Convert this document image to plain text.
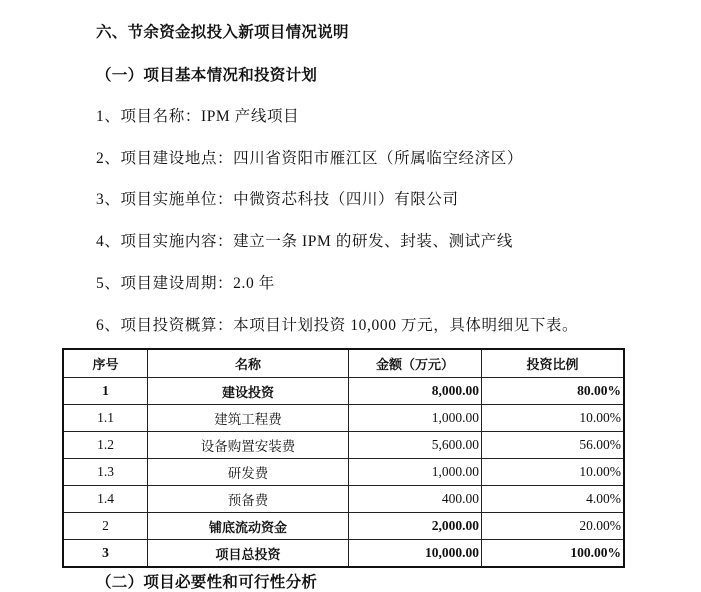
六、节余资金拟投入新项目情况说明
（一）项目基本情况和投资计划
1、项目名称：IPM 产线项目
2、项目建设地点：四川省资阳市雁江区（所属临空经济区）
3、项目实施单位：中微资芯科技（四川）有限公司
4、项目实施内容：建立一条 IPM 的研发、封装、测试产线
5、项目建设周期：2.0 年
6、项目投资概算：本项目计划投资 10,000 万元，具体明细见下表。
序号	名称	金额（万元）	投资比例
1	建设投资	8,000.00	80.00%
1.1	建筑工程费	1,000.00	10.00%
1.2	设备购置安装费	5,600.00	56.00%
1.3	研发费	1,000.00	10.00%
1.4	预备费	400.00	4.00%
2	铺底流动资金	2,000.00	20.00%
3	项目总投资	10,000.00	100.00%
（二）项目必要性和可行性分析
